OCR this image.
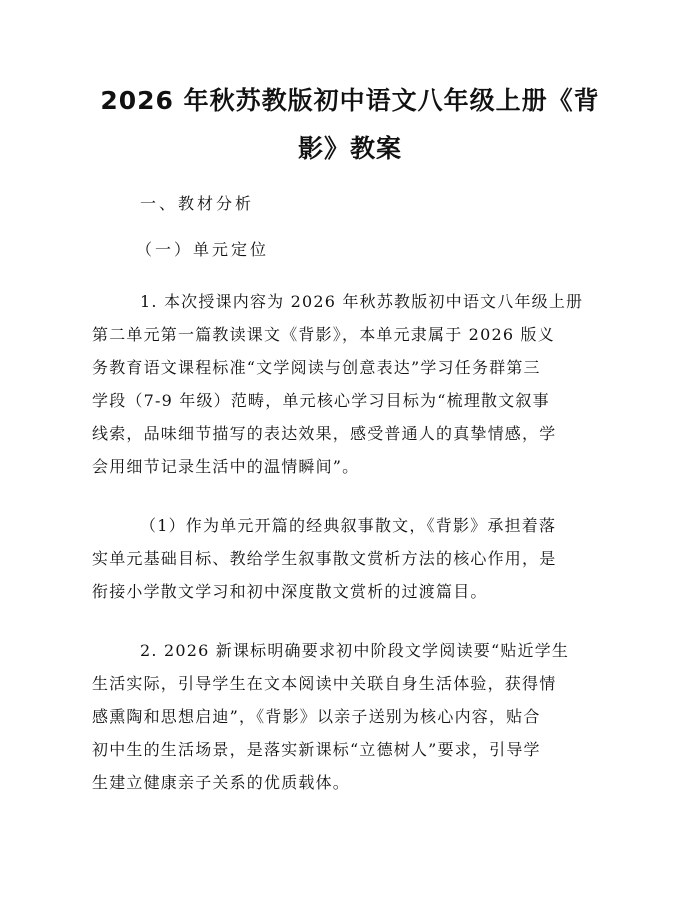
2026 年秋苏教版初中语文八年级上册《背
影》教案
一、教材分析
（一）单元定位
1. 本次授课内容为 2026 年秋苏教版初中语文八年级上册
第二单元第一篇教读课文《背影》，本单元隶属于 2026 版义
务教育语文课程标准“文学阅读与创意表达”学习任务群第三
学段（7-9 年级）范畴，单元核心学习目标为“梳理散文叙事
线索，品味细节描写的表达效果，感受普通人的真挚情感，学
会用细节记录生活中的温情瞬间”。
（1）作为单元开篇的经典叙事散文，《背影》承担着落
实单元基础目标、教给学生叙事散文赏析方法的核心作用，是
衔接小学散文学习和初中深度散文赏析的过渡篇目。
2. 2026 新课标明确要求初中阶段文学阅读要“贴近学生
生活实际，引导学生在文本阅读中关联自身生活体验，获得情
感熏陶和思想启迪”，《背影》以亲子送别为核心内容，贴合
初中生的生活场景，是落实新课标“立德树人”要求，引导学
生建立健康亲子关系的优质载体。
